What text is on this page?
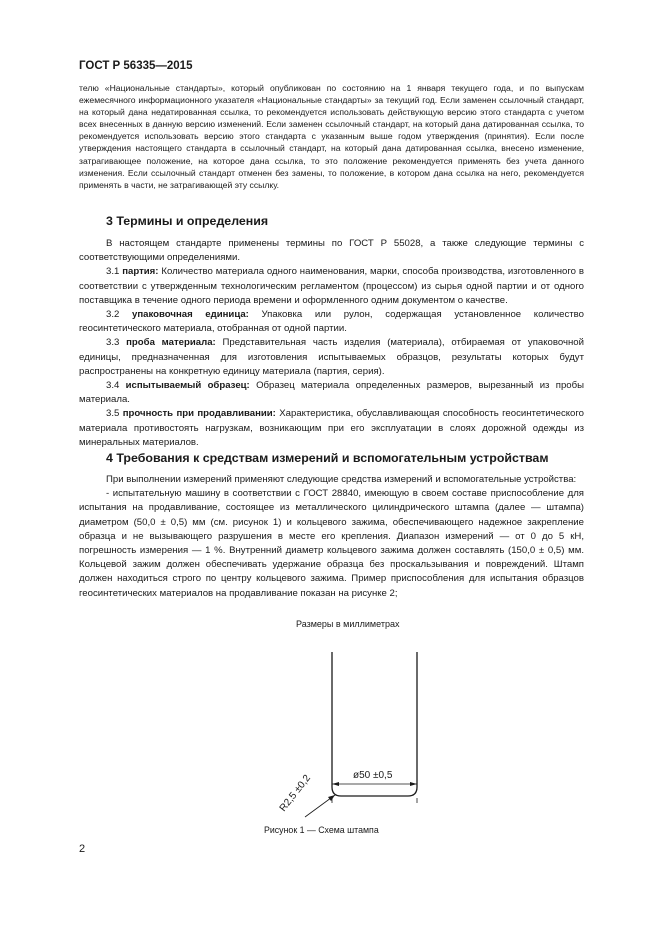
ГОСТ Р 56335—2015

телю «Национальные стандарты», который опубликован по состоянию на 1 января текущего года, и по выпускам ежемесячного информационного указателя «Национальные стандарты» за текущий год. Если заменен ссылочный стандарт, на который дана недатированная ссылка, то рекомендуется использовать действующую версию этого стандарта с учетом всех внесенных в данную версию изменений. Если заменен ссылочный стандарт, на который дана датированная ссылка, то рекомендуется использовать версию этого стандарта с указанным выше годом утверждения (принятия). Если после утверждения настоящего стандарта в ссылочный стандарт, на который дана датированная ссылка, внесено изменение, затрагивающее положение, на которое дана ссылка, то это положение рекомендуется применять без учета данного изменения. Если ссылочный стандарт отменен без замены, то положение, в котором дана ссылка на него, рекомендуется применять в части, не затрагивающей эту ссылку.

3 Термины и определения

В настоящем стандарте применены термины по ГОСТ Р 55028, а также следующие термины с соответствующими определениями.

3.1 партия: Количество материала одного наименования, марки, способа производства, изготовленного в соответствии с утвержденным технологическим регламентом (процессом) из сырья одной партии и от одного поставщика в течение одного периода времени и оформленного одним документом о качестве.

3.2 упаковочная единица: Упаковка или рулон, содержащая установленное количество геосинтетического материала, отобранная от одной партии.

3.3 проба материала: Представительная часть изделия (материала), отбираемая от упаковочной единицы, предназначенная для изготовления испытываемых образцов, результаты которых будут распространены на конкретную единицу материала (партия, серия).

3.4 испытываемый образец: Образец материала определенных размеров, вырезанный из пробы материала.

3.5 прочность при продавливании: Характеристика, обуславливающая способность геосинтетического материала противостоять нагрузкам, возникающим при его эксплуатации в слоях дорожной одежды из минеральных материалов.

4 Требования к средствам измерений и вспомогательным устройствам

При выполнении измерений применяют следующие средства измерений и вспомогательные устройства:

- испытательную машину в соответствии с ГОСТ 28840, имеющую в своем составе приспособление для испытания на продавливание, состоящее из металлического цилиндрического штампа (далее — штампа) диаметром (50,0 ± 0,5) мм (см. рисунок 1) и кольцевого зажима, обеспечивающего надежное закрепление образца и не вызывающего разрушения в месте его крепления. Диапазон измерений — от 0 до 5 кН, погрешность измерения — 1 %. Внутренний диаметр кольцевого зажима должен составлять (150,0 ± 0,5) мм. Кольцевой зажим должен обеспечивать удержание образца без проскальзывания и повреждений. Штамп должен находиться строго по центру кольцевого зажима. Пример приспособления для испытания образцов геосинтетических материалов на продавливание показан на рисунке 2;

Размеры в миллиметрах
ø50 ±0,5
R2,5 ±0,2
Рисунок 1 — Схема штампа
2
